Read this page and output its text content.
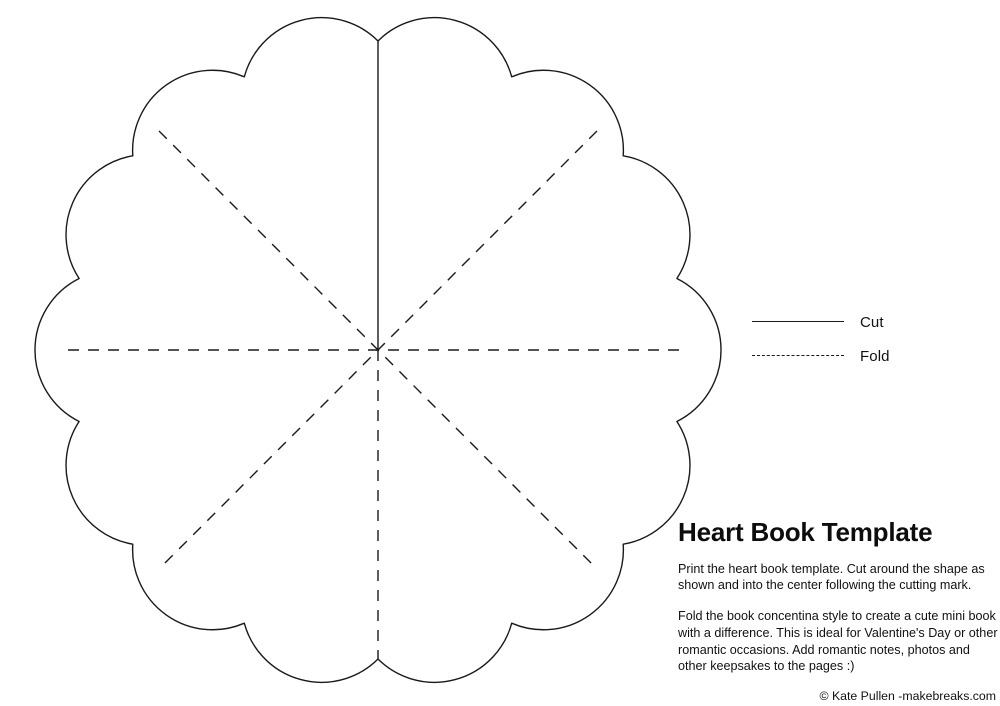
Cut
Fold
Heart Book Template

Print the heart book template. Cut around the shape as shown and into the center following the cutting mark.

Fold the book concentina style to create a cute mini book with a difference. This is ideal for Valentine's Day or other romantic occasions. Add romantic notes, photos and other keepsakes to the pages :)

© Kate Pullen -makebreaks.com
